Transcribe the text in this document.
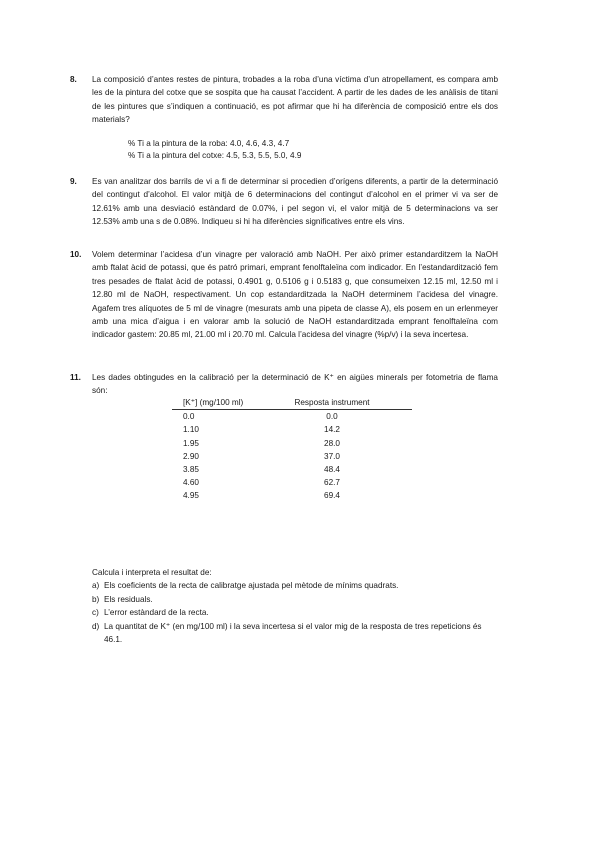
8. La composició d’antes restes de pintura, trobades a la roba d’una víctima d’un atropellament, es compara amb les de la pintura del cotxe que se sospita que ha causat l’accident. A partir de les dades de les anàlisis de titani de les pintures que s’indiquen a continuació, es pot afirmar que hi ha diferència de composició entre els dos materials?
% Ti a la pintura de la roba: 4.0, 4.6, 4.3, 4.7
% Ti a la pintura del cotxe: 4.5, 5.3, 5.5, 5.0, 4.9
9. Es van analitzar dos barrils de vi a fi de determinar si procedien d’orígens diferents, a partir de la determinació del contingut d’alcohol. El valor mitjà de 6 determinacions del contingut d’alcohol en el primer vi va ser de 12.61% amb una desviació estàndard de 0.07%, i pel segon vi, el valor mitjà de 5 determinacions va ser 12.53% amb una s de 0.08%. Indiqueu si hi ha diferències significatives entre els vins.
10. Volem determinar l’acidesa d’un vinagre per valoració amb NaOH. Per això primer estandarditzem la NaOH amb ftalat àcid de potassi, que és patró primari, emprant fenolftaleïna com indicador. En l’estandardització fem tres pesades de ftalat àcid de potassi, 0.4901 g, 0.5106 g i 0.5183 g, que consumeixen 12.15 ml, 12.50 ml i 12.80 ml de NaOH, respectivament. Un cop estandarditzada la NaOH determinem l’acidesa del vinagre. Agafem tres alíquotes de 5 ml de vinagre (mesurats amb una pipeta de classe A), els posem en un erlenmeyer amb una mica d’aigua i en valorar amb la solució de NaOH estandarditzada emprant fenolftaleïna com indicador gastem: 20.85 ml, 21.00 ml i 20.70 ml. Calcula l’acidesa del vinagre (%p/v) i la seva incertesa.
11. Les dades obtingudes en la calibració per la determinació de K⁺ en aigües minerals per fotometria de flama són:
[K⁺] (mg/100 ml)	Resposta instrument
0.0	0.0
1.10	14.2
1.95	28.0
2.90	37.0
3.85	48.4
4.60	62.7
4.95	69.4
Calcula i interpreta el resultat de:
a) Els coeficients de la recta de calibratge ajustada pel mètode de mínims quadrats.
b) Els residuals.
c) L’error estàndard de la recta.
d) La quantitat de K⁺ (en mg/100 ml) i la seva incertesa si el valor mig de la resposta de tres repeticions és 46.1.
